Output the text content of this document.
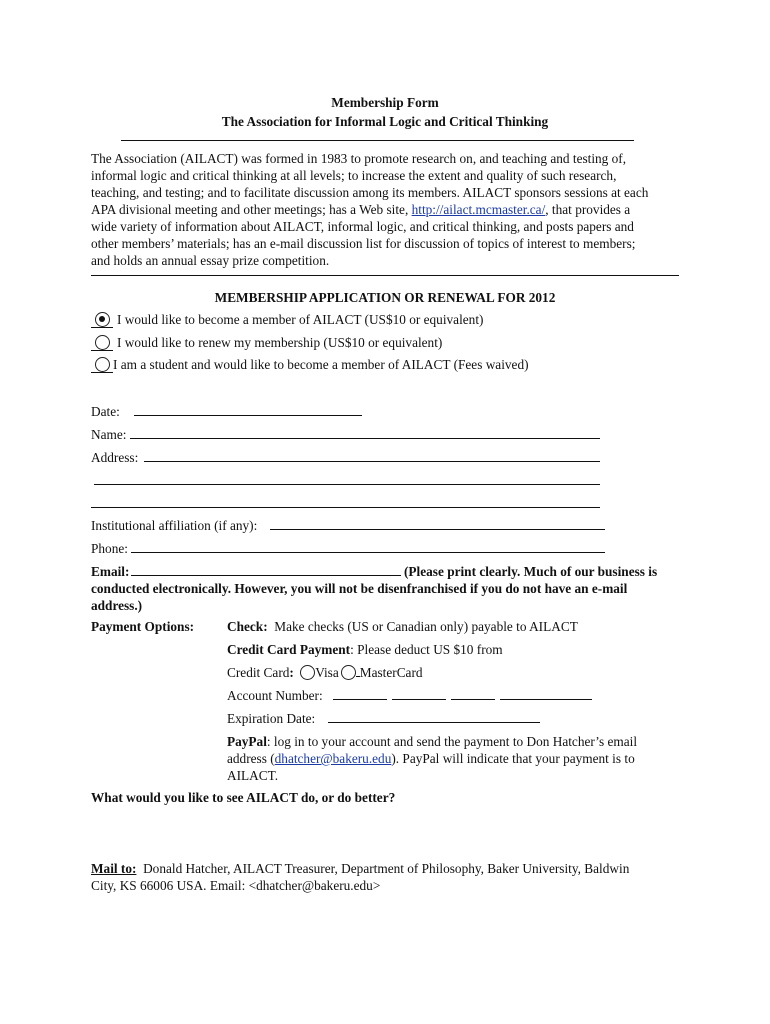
Membership Form
The Association for Informal Logic and Critical Thinking
The Association (AILACT) was formed in 1983 to promote research on, and teaching and testing of,
informal logic and critical thinking at all levels; to increase the extent and quality of such research,
teaching, and testing; and to facilitate discussion among its members. AILACT sponsors sessions at each
APA divisional meeting and other meetings; has a Web site, http://ailact.mcmaster.ca/, that provides a
wide variety of information about AILACT, informal logic, and critical thinking, and posts papers and
other members’ materials; has an e-mail discussion list for discussion of topics of interest to members;
and holds an annual essay prize competition.
MEMBERSHIP APPLICATION OR RENEWAL FOR 2012
I would like to become a member of AILACT (US$10 or equivalent)
I would like to renew my membership (US$10 or equivalent)
I am a student and would like to become a member of AILACT (Fees waived)
Date:
Name:
Address:
Institutional affiliation (if any):
Phone:
Email:	(Please print clearly. Much of our business is
conducted electronically. However, you will not be disenfranchised if you do not have an e-mail
address.)
Payment Options: Check: Make checks (US or Canadian only) payable to AILACT
Credit Card Payment: Please deduct US $10 from
Credit Card: Visa MasterCard
Account Number:
Expiration Date:
PayPal: log in to your account and send the payment to Don Hatcher’s email
address (dhatcher@bakeru.edu). PayPal will indicate that your payment is to
AILACT.
What would you like to see AILACT do, or do better?
Mail to:  Donald Hatcher, AILACT Treasurer, Department of Philosophy, Baker University, Baldwin
City, KS 66006 USA. Email: <dhatcher@bakeru.edu>
